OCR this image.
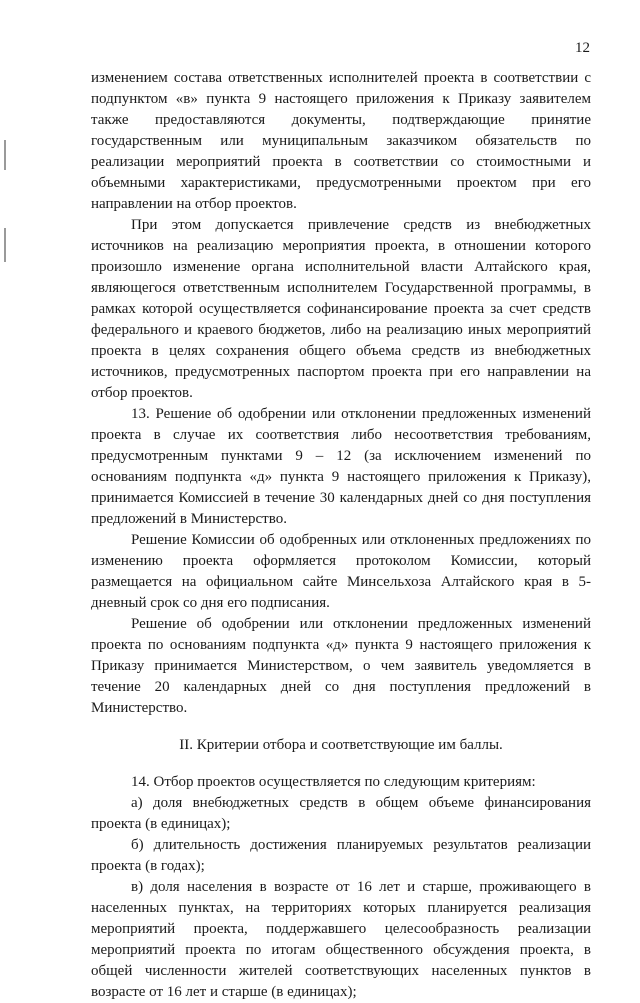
12

изменением состава ответственных исполнителей проекта в соответствии с подпунктом «в» пункта 9 настоящего приложения к Приказу заявителем также предоставляются документы, подтверждающие принятие государственным или муниципальным заказчиком обязательств по реализации мероприятий проекта в соответствии со стоимостными и объемными характеристиками, предусмотренными проектом при его направлении на отбор проектов.

При этом допускается привлечение средств из внебюджетных источников на реализацию мероприятия проекта, в отношении которого произошло изменение органа исполнительной власти Алтайского края, являющегося ответственным исполнителем Государственной программы, в рамках которой осуществляется софинансирование проекта за счет средств федерального и краевого бюджетов, либо на реализацию иных мероприятий проекта в целях сохранения общего объема средств из внебюджетных источников, предусмотренных паспортом проекта при его направлении на отбор проектов.

13. Решение об одобрении или отклонении предложенных изменений проекта в случае их соответствия либо несоответствия требованиям, предусмотренным пунктами 9 – 12 (за исключением изменений по основаниям подпункта «д» пункта 9 настоящего приложения к Приказу), принимается Комиссией в течение 30 календарных дней со дня поступления предложений в Министерство.

Решение Комиссии об одобренных или отклоненных предложениях по изменению проекта оформляется протоколом Комиссии, который размещается на официальном сайте Минсельхоза Алтайского края в 5-дневный срок со дня его подписания.

Решение об одобрении или отклонении предложенных изменений проекта по основаниям подпункта «д» пункта 9 настоящего приложения к Приказу принимается Министерством, о чем заявитель уведомляется в течение 20 календарных дней со дня поступления предложений в Министерство.

II. Критерии отбора и соответствующие им баллы.

14. Отбор проектов осуществляется по следующим критериям:

а) доля внебюджетных средств в общем объеме финансирования проекта (в единицах);

б) длительность достижения планируемых результатов реализации проекта (в годах);

в) доля населения в возрасте от 16 лет и старше, проживающего в населенных пунктах, на территориях которых планируется реализация мероприятий проекта, поддержавшего целесообразность реализации мероприятий проекта по итогам общественного обсуждения проекта, в общей численности жителей соответствующих населенных пунктов в возрасте от 16 лет и старше (в единицах);
